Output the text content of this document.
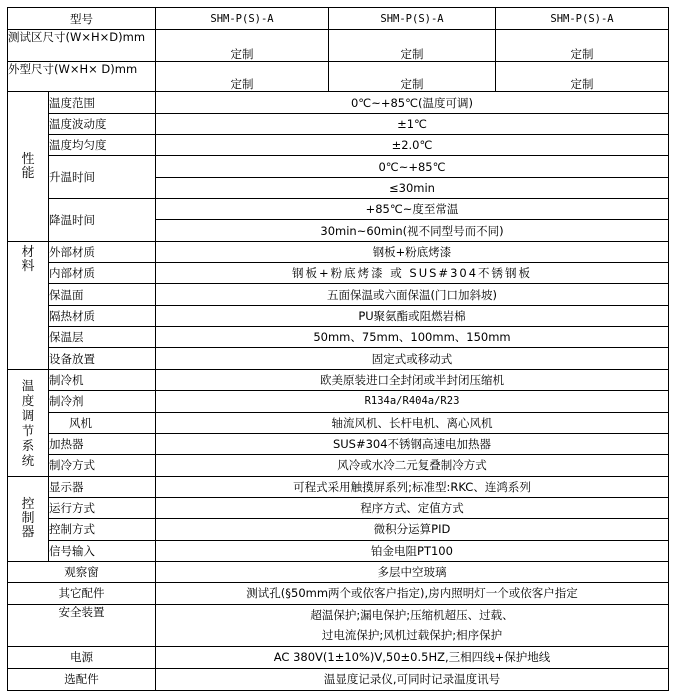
型号		SHM-P(S)-A	SHM-P(S)-A	SHM-P(S)-A
测试区尺寸(W×H×D)mm		定制	定制	定制
外型尺寸(W×H× D)mm		定制	定制	定制
性能	温度范围	0℃~+85℃(温度可调)		
	温度波动度	±1℃		
	温度均匀度	±2.0℃		
	升温时间	0℃~+85℃		
		≤30min		
	降温时间	+85℃~度至常温		
		30min~60min(视不同型号而不同)		
材料	外部材质	钢板+粉底烤漆		
	内部材质	钢板+粉底烤漆 或 SUS#304不锈钢板		
	保温面	五面保温或六面保温(门口加斜坡)		
	隔热材质	PU聚氨酯或阻燃岩棉		
	保温层	50mm、75mm、100mm、150mm		
	设备放置	固定式或移动式		
温度调节系统	制冷机	欧美原装进口全封闭或半封闭压缩机		
	制冷剂	R134a/R404a/R23		
	风机	轴流风机、长杆电机、离心风机		
	加热器	SUS#304不锈钢高速电加热器		
	制冷方式	风冷或水冷二元复叠制冷方式		
控制器	显示器	可程式采用触摸屏系列;标准型:RKC、连鸿系列		
	运行方式	程序方式、定值方式		
	控制方式	微积分运算PID		
	信号输入	铂金电阻PT100		
观察窗		多层中空玻璃		
其它配件		测试孔(§50mm两个或依客户指定),房内照明灯一个或依客户指定		
安全装置		超温保护;漏电保护;压缩机超压、过载、
过电流保护;风机过载保护;相序保护		

电源		AC 380V(1±10%)V,50±0.5HZ,三相四线+保护地线		
选配件		温显度记录仪,可同时记录温度讯号		
